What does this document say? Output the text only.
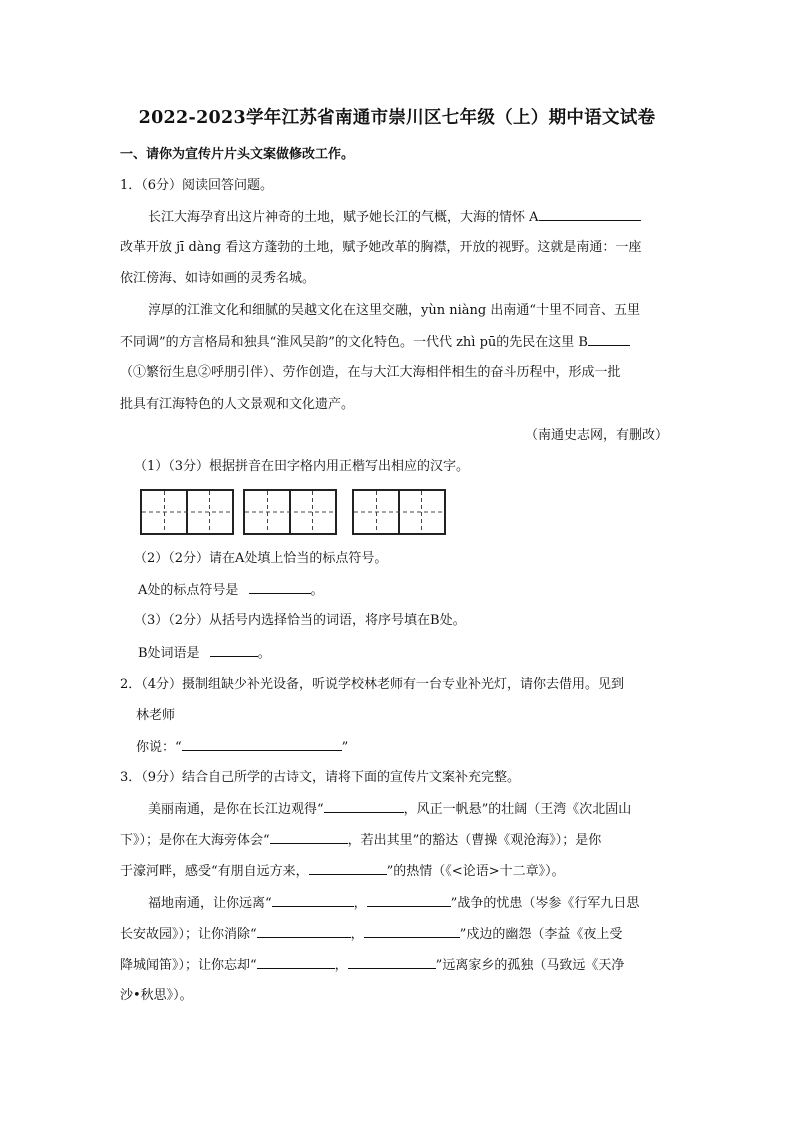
2022-2023学年江苏省南通市崇川区七年级（上）期中语文试卷
一、请你为宣传片片头文案做修改工作。
1．（6分）阅读回答问题。
长江大海孕育出这片神奇的土地，赋予她长江的气概，大海的情怀 A
改革开放 jī dàng 看这方蓬勃的土地，赋予她改革的胸襟，开放的视野。这就是南通：一座
依江傍海、如诗如画的灵秀名城。
淳厚的江淮文化和细腻的吴越文化在这里交融，yùn niàng 出南通“十里不同音、五里
不同调”的方言格局和独具“淮风吴韵”的文化特色。一代代 zhì pū的先民在这里 B
（①繁衍生息②呼朋引伴）、劳作创造，在与大江大海相伴相生的奋斗历程中，形成一批
批具有江海特色的人文景观和文化遗产。
（南通史志网，有删改）
（1）（3分）根据拼音在田字格内用正楷写出相应的汉字。
（2）（2分）请在A处填上恰当的标点符号。
A处的标点符号是	。
（3）（2分）从括号内选择恰当的词语，将序号填在B处。
B处词语是	。
2．（4分）摄制组缺少补光设备，听说学校林老师有一台专业补光灯，请你去借用。见到
林老师
你说：“	”
3．（9分）结合自己所学的古诗文，请将下面的宣传片文案补充完整。
美丽南通，是你在长江边观得“	，风正一帆悬”的壮阔（王湾《次北固山
下》）；是你在大海旁体会“	，若出其里”的豁达（曹操《观沧海》）；是你
于濠河畔，感受“有朋自远方来，	”的热情（《<论语>十二章》）。
福地南通，让你远离“	，	”战争的忧患（岑参《行军九日思
长安故园》）；让你消除“	，	”戍边的幽怨（李益《夜上受
降城闻笛》）；让你忘却“	，	”远离家乡的孤独（马致远《天净
沙•秋思》）。
